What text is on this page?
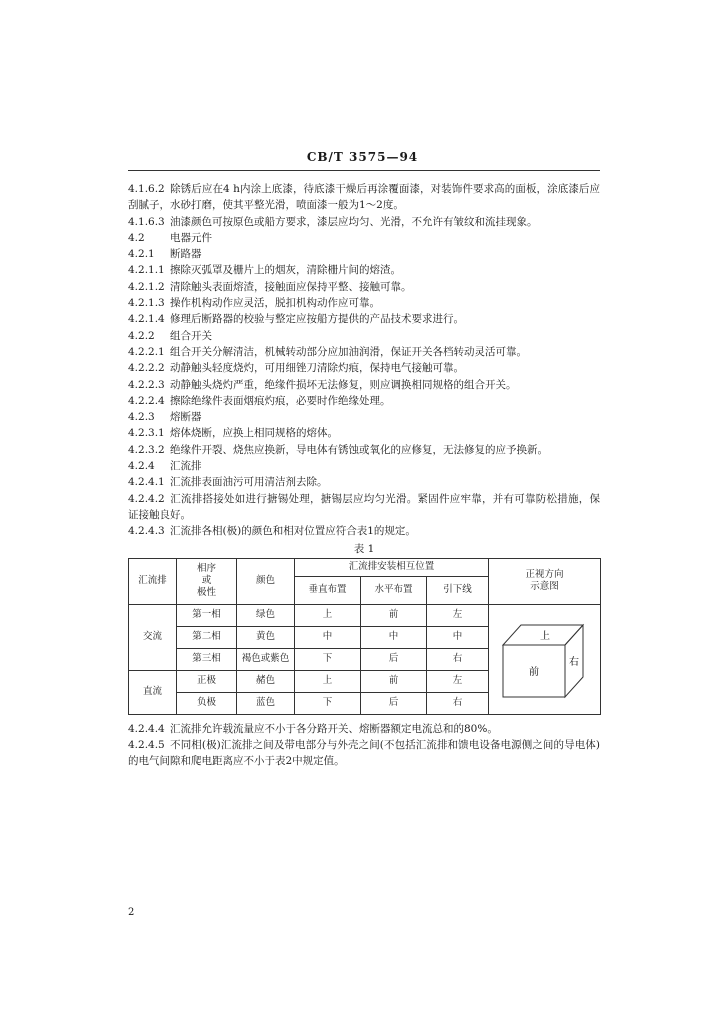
CB/T 3575—94

4.1.6.2 除锈后应在4 h内涂上底漆，待底漆干燥后再涂覆面漆，对装饰件要求高的面板，涂底漆后应刮腻子，水砂打磨，使其平整光滑，喷面漆一般为1～2度。

4.1.6.3 油漆颜色可按原色或船方要求，漆层应均匀、光滑，不允许有皱纹和流挂现象。

4.2 电器元件

4.2.1 断路器

4.2.1.1 擦除灭弧罩及栅片上的烟灰，清除栅片间的熔渣。

4.2.1.2 清除触头表面熔渣，接触面应保持平整、接触可靠。

4.2.1.3 操作机构动作应灵活，脱扣机构动作应可靠。

4.2.1.4 修理后断路器的校验与整定应按船方提供的产品技术要求进行。

4.2.2 组合开关

4.2.2.1 组合开关分解清洁，机械转动部分应加油润滑，保证开关各档转动灵活可靠。

4.2.2.2 动静触头轻度烧灼，可用细锉刀清除灼痕，保持电气接触可靠。

4.2.2.3 动静触头烧灼严重，绝缘件损坏无法修复，则应调换相同规格的组合开关。

4.2.2.4 擦除绝缘件表面烟痕灼痕，必要时作绝缘处理。

4.2.3 熔断器

4.2.3.1 熔体烧断，应换上相同规格的熔体。

4.2.3.2 绝缘件开裂、烧焦应换新，导电体有锈蚀或氧化的应修复，无法修复的应予换新。

4.2.4 汇流排

4.2.4.1 汇流排表面油污可用清洁剂去除。

4.2.4.2 汇流排搭接处如进行搪锡处理，搪锡层应均匀光滑。紧固件应牢靠，并有可靠防松措施，保证接触良好。

4.2.4.3 汇流排各相(极)的颜色和相对位置应符合表1的规定。

表 1
汇流排	相序
或
极性	颜色	汇流排安装相互位置			正视方向
示意图
			垂直布置	水平布置	引下线	
交流	第一相	绿色	上	前	左	上
前
右

	第二相	黄色	中	中	中	
	第三相	褐色或紫色	下	后	右	
直流	正极	赭色	上	前	左	
	负极	蓝色	下	后	右	

4.2.4.4 汇流排允许载流量应不小于各分路开关、熔断器额定电流总和的80%。

4.2.4.5 不同相(极)汇流排之间及带电部分与外壳之间(不包括汇流排和馈电设备电源侧之间的导电体)的电气间隙和爬电距离应不小于表2中规定值。

2
